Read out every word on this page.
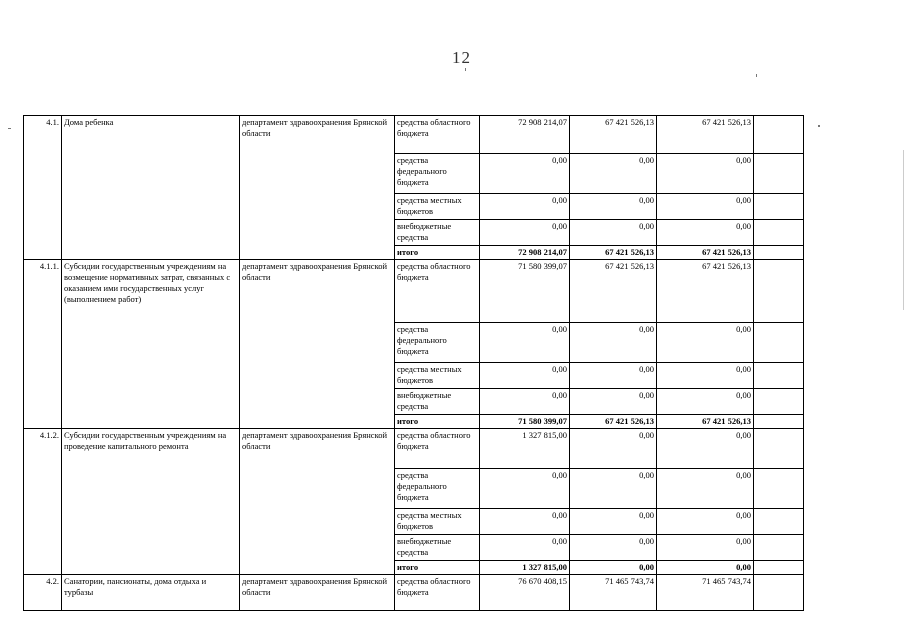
12
4.1.	Дома ребенка	департамент здравоохранения Брянской области	средства областного бюджета	72 908 214,07	67 421 526,13	67 421 526,13	
			средства федерального бюджета	0,00	0,00	0,00	
			средства местных бюджетов	0,00	0,00	0,00	
			внебюджетные средства	0,00	0,00	0,00	
			итого	72 908 214,07	67 421 526,13	67 421 526,13	
4.1.1.	Субсидии государственным учреждениям на возмещение нормативных затрат, связанных с оказанием ими государственных услуг (выполнением работ)	департамент здравоохранения Брянской области	средства областного бюджета	71 580 399,07	67 421 526,13	67 421 526,13	
			средства федерального бюджета	0,00	0,00	0,00	
			средства местных бюджетов	0,00	0,00	0,00	
			внебюджетные средства	0,00	0,00	0,00	
			итого	71 580 399,07	67 421 526,13	67 421 526,13	
4.1.2.	Субсидии государственным учреждениям на проведение капитального ремонта	департамент здравоохранения Брянской области	средства областного бюджета	1 327 815,00	0,00	0,00	
			средства федерального бюджета	0,00	0,00	0,00	
			средства местных бюджетов	0,00	0,00	0,00	
			внебюджетные средства	0,00	0,00	0,00	
			итого	1 327 815,00	0,00	0,00	
4.2.	Санатории, пансионаты, дома отдыха и турбазы	департамент здравоохранения Брянской области	средства областного бюджета	76 670 408,15	71 465 743,74	71 465 743,74	
